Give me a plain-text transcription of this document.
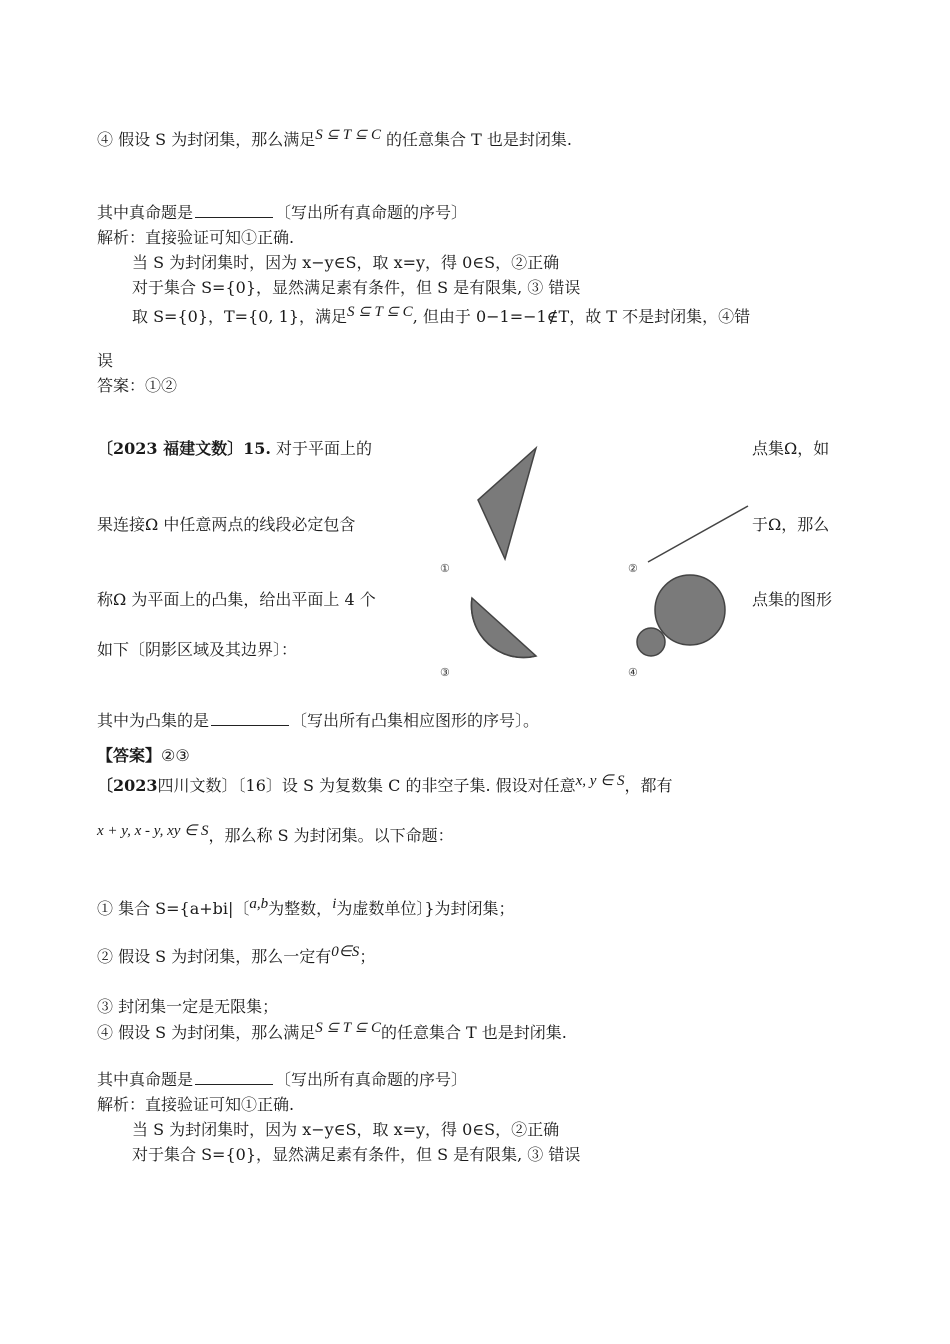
④ 假设 S 为封闭集，那么满足S ⊆ T ⊆ C 的任意集合 T 也是封闭集.
其中真命题是	〔写出所有真命题的序号〕
解析：直接验证可知①正确.
当 S 为封闭集时，因为 x−y∈S，取 x=y，得 0∈S，②正确
对于集合 S={0}，显然满足素有条件，但 S 是有限集, ③ 错误
取 S={0}，T={0, 1}，满足S ⊆ T ⊆ C, 但由于 0−1=−1∉T，故 T 不是封闭集，④错
误
答案：①②
〔2023 福建文数〕15. 对于平面上的	点集Ω，如
果连接Ω 中任意两点的线段必定包含	于Ω，那么
称Ω 为平面上的凸集，给出平面上 4 个	点集的图形
如下〔阴影区域及其边界〕：
①	②
③	④
其中为凸集的是	〔写出所有凸集相应图形的序号〕。
【答案】②③
〔2023四川文数〕〔16〕设 S 为复数集 C 的非空子集. 假设对任意x, y ∈ S，都有
x + y, x - y, xy ∈ S，那么称 S 为封闭集。以下命题：
① 集合 S={a+bi|〔a,b为整数，i为虚数单位〕}为封闭集；
② 假设 S 为封闭集，那么一定有0∈S；
③ 封闭集一定是无限集；
④ 假设 S 为封闭集，那么满足S ⊆ T ⊆ C的任意集合 T 也是封闭集.
其中真命题是	〔写出所有真命题的序号〕
解析：直接验证可知①正确.
当 S 为封闭集时，因为 x−y∈S，取 x=y，得 0∈S，②正确
对于集合 S={0}，显然满足素有条件，但 S 是有限集, ③ 错误
